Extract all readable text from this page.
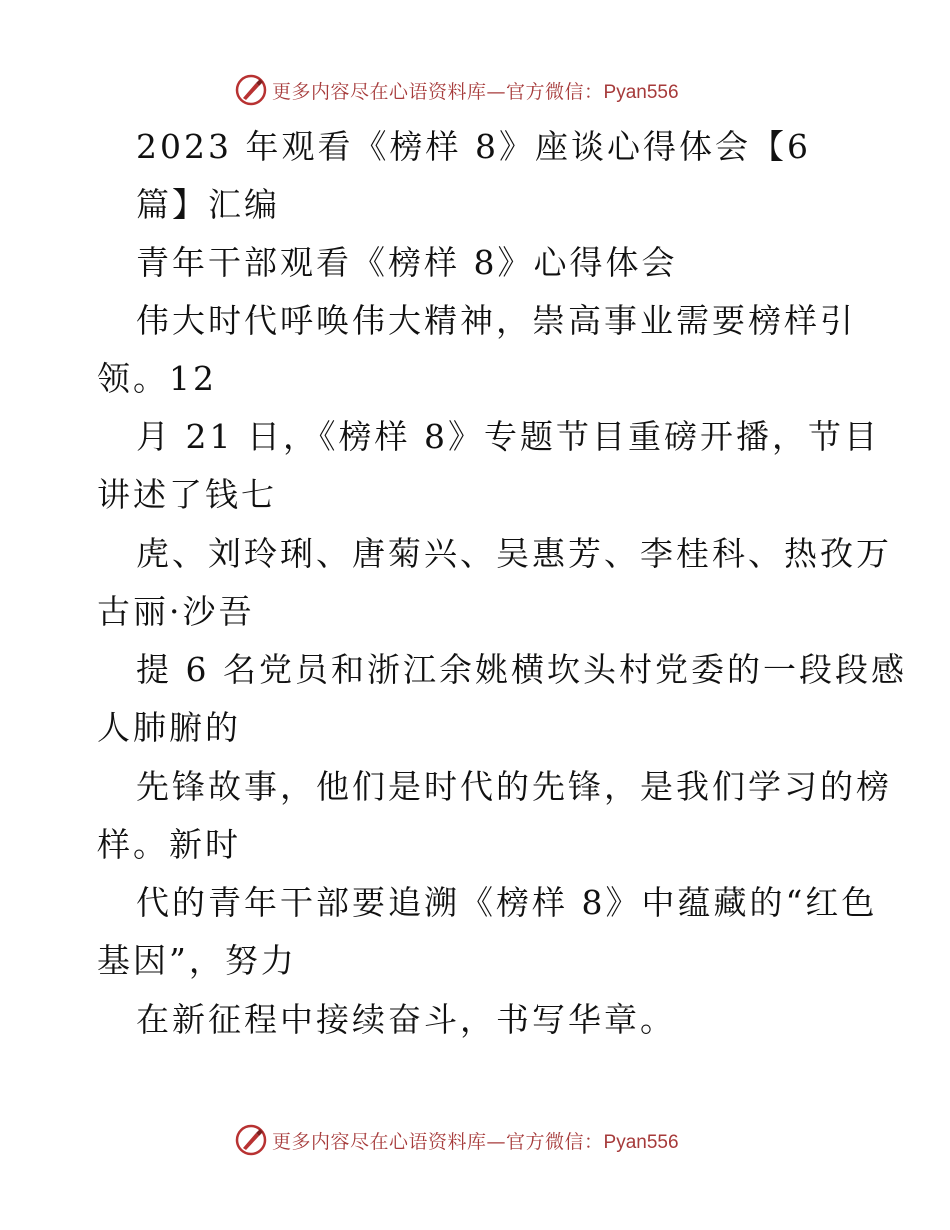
更多内容尽在心语资料库—官方微信：Pyan556
2023 年观看《榜样 8》座谈心得体会【6
篇】汇编
青年干部观看《榜样 8》心得体会
伟大时代呼唤伟大精神，崇高事业需要榜样引
领。12
月 21 日，《榜样 8》专题节目重磅开播，节目
讲述了钱七
虎、刘玲琍、唐菊兴、吴惠芳、李桂科、热孜万
古丽·沙吾
提 6 名党员和浙江余姚横坎头村党委的一段段感
人肺腑的
先锋故事，他们是时代的先锋，是我们学习的榜
样。新时
代的青年干部要追溯《榜样 8》中蕴藏的“红色
基因”，努力
在新征程中接续奋斗，书写华章。
更多内容尽在心语资料库—官方微信：Pyan556
